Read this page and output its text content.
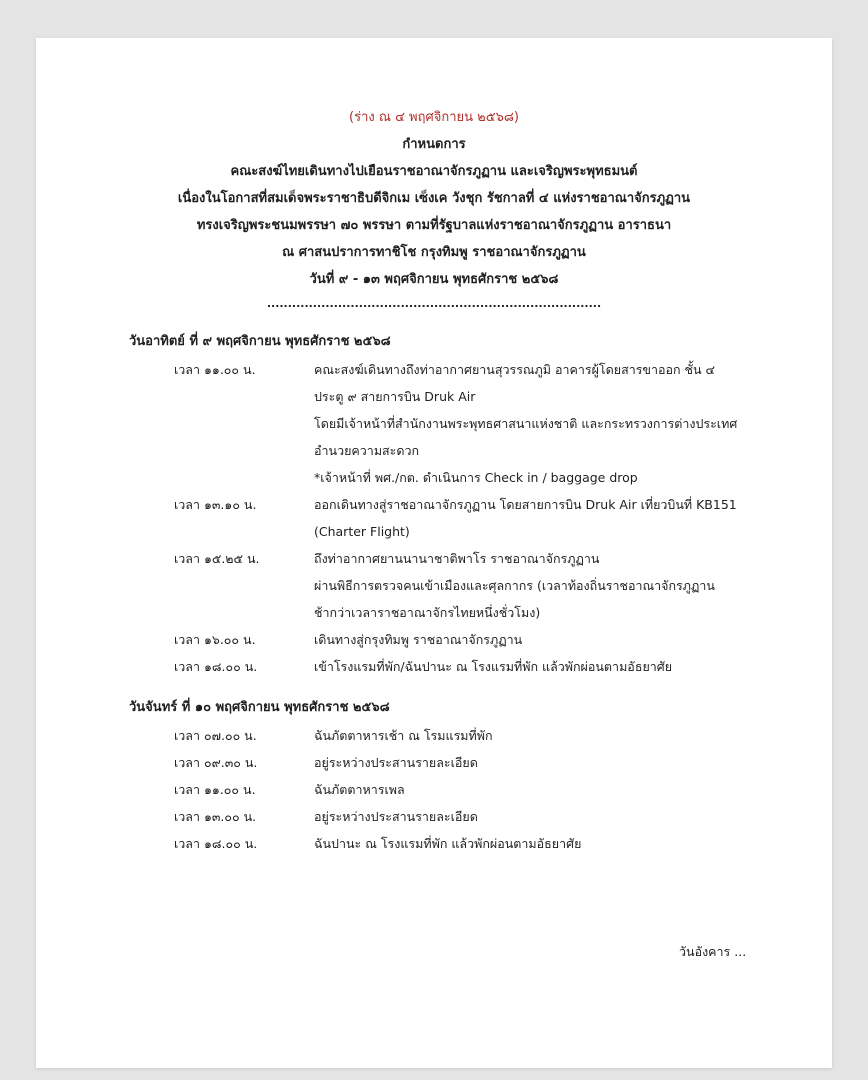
(ร่าง ณ ๔ พฤศจิกายน ๒๕๖๘)
กำหนดการ
คณะสงฆ์ไทยเดินทางไปเยือนราชอาณาจักรภูฏาน และเจริญพระพุทธมนต์
เนื่องในโอกาสที่สมเด็จพระราชาธิบดีจิกเม เซ็งเค วังชุก รัชกาลที่ ๔ แห่งราชอาณาจักรภูฏาน
ทรงเจริญพระชนมพรรษา ๗๐ พรรษา ตามที่รัฐบาลแห่งราชอาณาจักรภูฏาน อาราธนา
ณ ศาสนปราการทาชิโช กรุงทิมพู ราชอาณาจักรภูฏาน
วันที่ ๙ - ๑๓ พฤศจิกายน พุทธศักราช ๒๕๖๘
................................................................................
วันอาทิตย์ ที่ ๙ พฤศจิกายน พุทธศักราช ๒๕๖๘
เวลา ๑๑.๐๐ น.	คณะสงฆ์เดินทางถึงท่าอากาศยานสุวรรณภูมิ อาคารผู้โดยสารขาออก ชั้น ๔
ประตู ๙ สายการบิน Druk Air
โดยมีเจ้าหน้าที่สำนักงานพระพุทธศาสนาแห่งชาติ และกระทรวงการต่างประเทศ
อำนวยความสะดวก
*เจ้าหน้าที่ พศ./กต. ดำเนินการ Check in / baggage drop
เวลา ๑๓.๑๐ น.	ออกเดินทางสู่ราชอาณาจักรภูฏาน โดยสายการบิน Druk Air เที่ยวบินที่ KB151
(Charter Flight)
เวลา ๑๕.๒๕ น.	ถึงท่าอากาศยานนานาชาติพาโร ราชอาณาจักรภูฏาน
ผ่านพิธีการตรวจคนเข้าเมืองและศุลกากร (เวลาท้องถิ่นราชอาณาจักรภูฏาน
ช้ากว่าเวลาราชอาณาจักรไทยหนึ่งชั่วโมง)
เวลา ๑๖.๐๐ น.	เดินทางสู่กรุงทิมพู ราชอาณาจักรภูฏาน
เวลา ๑๘.๐๐ น.	เข้าโรงแรมที่พัก/ฉันปานะ ณ โรงแรมที่พัก แล้วพักผ่อนตามอัธยาศัย
วันจันทร์ ที่ ๑๐ พฤศจิกายน พุทธศักราช ๒๕๖๘
เวลา ๐๗.๐๐ น.	ฉันภัตตาหารเช้า ณ โรมแรมที่พัก
เวลา ๐๙.๓๐ น.	อยู่ระหว่างประสานรายละเอียด
เวลา ๑๑.๐๐ น.	ฉันภัตตาหารเพล
เวลา ๑๓.๐๐ น.	อยู่ระหว่างประสานรายละเอียด
เวลา ๑๘.๐๐ น.	ฉันปานะ ณ โรงแรมที่พัก แล้วพักผ่อนตามอัธยาศัย
วันอังคาร ...
